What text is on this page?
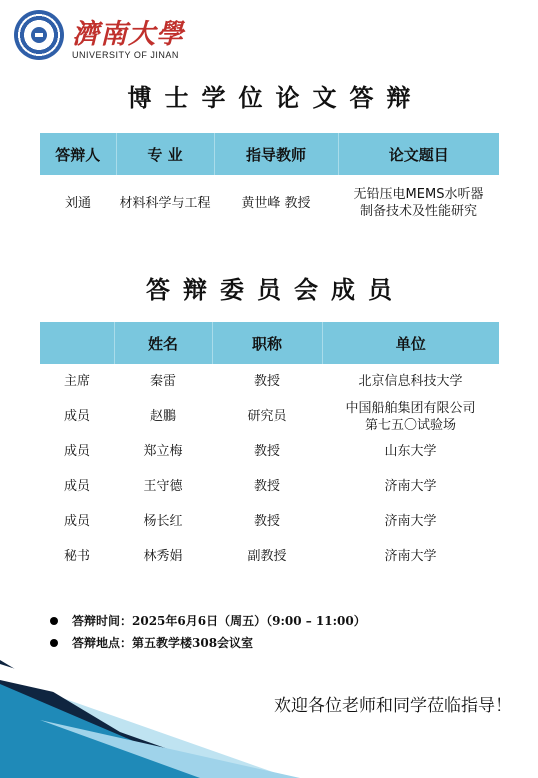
濟南大學
UNIVERSITY OF JINAN
博士学位论文答辩
答辩人	专 业	指导教师	论文题目
刘通	材料科学与工程	黄世峰 教授	无铅压电MEMS水听器
制备技术及性能研究
答辩委员会成员
	姓名	职称	单位
主席	秦雷	教授	北京信息科技大学
成员	赵鵬	研究员	中国船舶集团有限公司
第七五〇试验场

成员	郑立梅	教授	山东大学
成员	王守德	教授	济南大学
成员	杨长红	教授	济南大学
秘书	林秀娟	副教授	济南大学
答辩时间：2025年6月6日（周五）（9:00 – 11:00）
答辩地点：第五教学楼308会议室
欢迎各位老师和同学莅临指导！
